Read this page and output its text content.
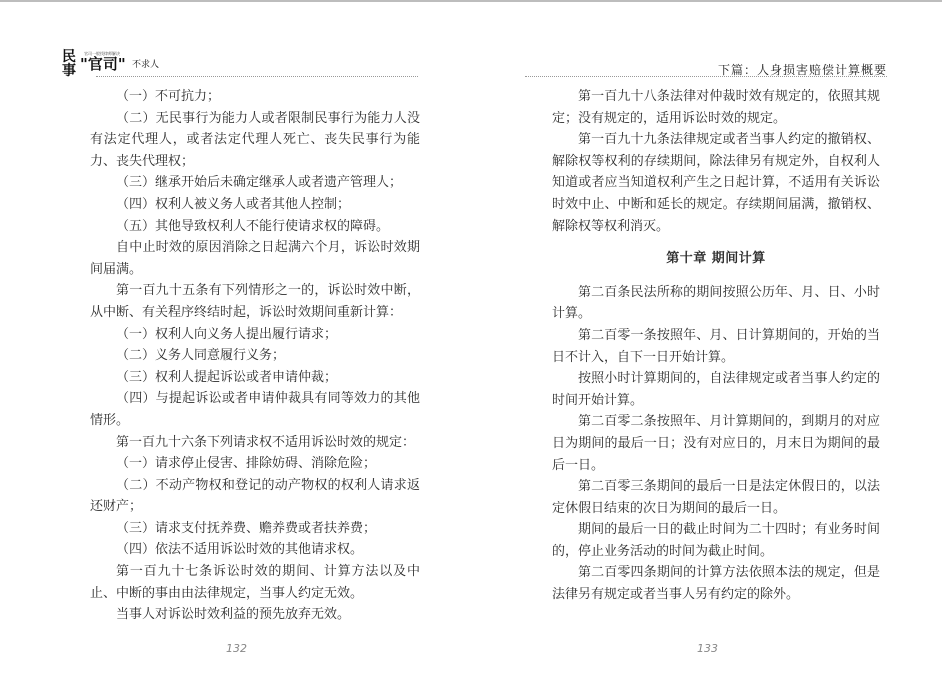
民
事
官司一般找律师解决
"官司" 不求人

（一）不可抗力；

（二）无民事行为能力人或者限制民事行为能力人没有法定代理人，或者法定代理人死亡、丧失民事行为能力、丧失代理权；

（三）继承开始后未确定继承人或者遗产管理人；

（四）权利人被义务人或者其他人控制；

（五）其他导致权利人不能行使请求权的障碍。

自中止时效的原因消除之日起满六个月，诉讼时效期间届满。

第一百九十五条有下列情形之一的，诉讼时效中断，从中断、有关程序终结时起，诉讼时效期间重新计算：

（一）权利人向义务人提出履行请求；

（二）义务人同意履行义务；

（三）权利人提起诉讼或者申请仲裁；

（四）与提起诉讼或者申请仲裁具有同等效力的其他情形。

第一百九十六条下列请求权不适用诉讼时效的规定：

（一）请求停止侵害、排除妨碍、消除危险；

（二）不动产物权和登记的动产物权的权利人请求返还财产；

（三）请求支付抚养费、赡养费或者扶养费；

（四）依法不适用诉讼时效的其他请求权。

第一百九十七条诉讼时效的期间、计算方法以及中止、中断的事由由法律规定，当事人约定无效。

当事人对诉讼时效利益的预先放弃无效。

132
下篇：人身损害赔偿计算概要

第一百九十八条法律对仲裁时效有规定的，依照其规定；没有规定的，适用诉讼时效的规定。

第一百九十九条法律规定或者当事人约定的撤销权、解除权等权利的存续期间，除法律另有规定外，自权利人知道或者应当知道权利产生之日起计算，不适用有关诉讼时效中止、中断和延长的规定。存续期间届满，撤销权、解除权等权利消灭。

第十章 期间计算

第二百条民法所称的期间按照公历年、月、日、小时计算。

第二百零一条按照年、月、日计算期间的，开始的当日不计入，自下一日开始计算。

按照小时计算期间的，自法律规定或者当事人约定的时间开始计算。

第二百零二条按照年、月计算期间的，到期月的对应日为期间的最后一日；没有对应日的，月末日为期间的最后一日。

第二百零三条期间的最后一日是法定休假日的，以法定休假日结束的次日为期间的最后一日。

期间的最后一日的截止时间为二十四时；有业务时间的，停止业务活动的时间为截止时间。

第二百零四条期间的计算方法依照本法的规定，但是法律另有规定或者当事人另有约定的除外。

133
